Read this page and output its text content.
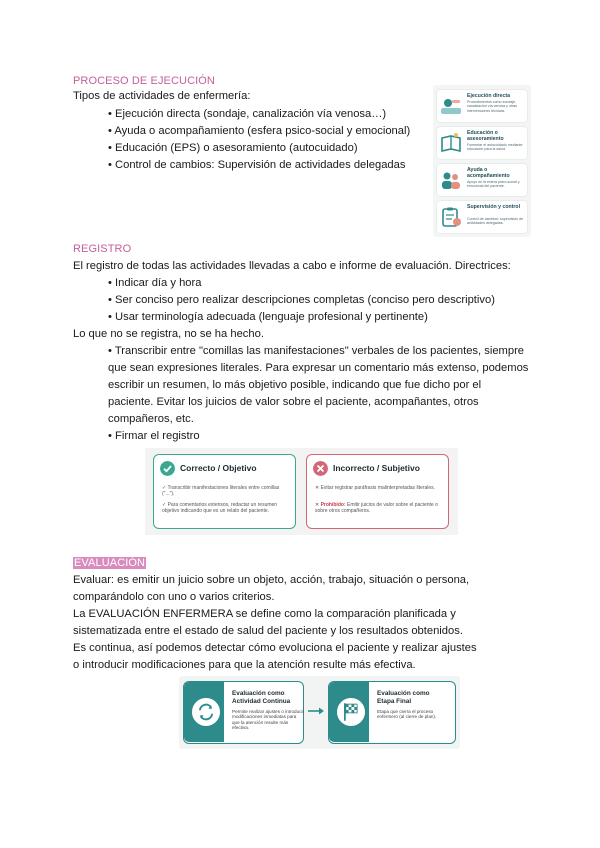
PROCESO DE EJECUCIÓN
Tipos de actividades de enfermería:
• Ejecución directa (sondaje, canalización vía venosa…)
• Ayuda o acompañamiento (esfera psico-social y emocional)
• Educación (EPS) o asesoramiento (autocuidado)
• Control de cambios: Supervisión de actividades delegadas
Ejecución directa
Procedimientos como sondaje, canalización vía venosa y otras intervenciones técnicas.
Educación o asesoramiento
Fomentar el autocuidado mediante educación para la salud.
Ayuda o acompañamiento
Apoyo en la esfera psico-social y emocional del paciente.
Supervisión y control
Control de cambios: supervisión de actividades delegadas.
REGISTRO
El registro de todas las actividades llevadas a cabo e informe de evaluación. Directrices:
• Indicar día y hora
• Ser conciso pero realizar descripciones completas (conciso pero descriptivo)
• Usar terminología adecuada (lenguaje profesional y pertinente)
Lo que no se registra, no se ha hecho.
• Transcribir entre "comillas las manifestaciones" verbales de los pacientes, siempre
que sean expresiones literales. Para expresar un comentario más extenso, podemos
escribir un resumen, lo más objetivo posible, indicando que fue dicho por el
paciente. Evitar los juicios de valor sobre el paciente, acompañantes, otros
compañeros, etc.
• Firmar el registro
Correcto / Objetivo
✓ Transcribir manifestaciones literales entre comillas ("...").
✓ Para comentarios extensos, redactar un resumen objetivo indicando que es un relato del paciente.
Incorrecto / Subjetivo
✕ Evitar registrar paráfrasis malinterpretadas literales.
✕ Prohibido: Emitir juicios de valor sobre el paciente o sobre otros compañeros.
EVALUACIÓN
Evaluar: es emitir un juicio sobre un objeto, acción, trabajo, situación o persona,
comparándolo con uno o varios criterios.
La EVALUACIÓN ENFERMERA se define como la comparación planificada y
sistematizada entre el estado de salud del paciente y los resultados obtenidos.
Es continua, así podemos detectar cómo evoluciona el paciente y realizar ajustes
o introducir modificaciones para que la atención resulte más efectiva.
Evaluación como
Actividad Continua
Permite realizar ajustes o introducir modificaciones inmediatas para que la atención resulte más efectiva.
Evaluación como
Etapa Final
Etapa que cierra el proceso enfermero (al cierre de plan).
